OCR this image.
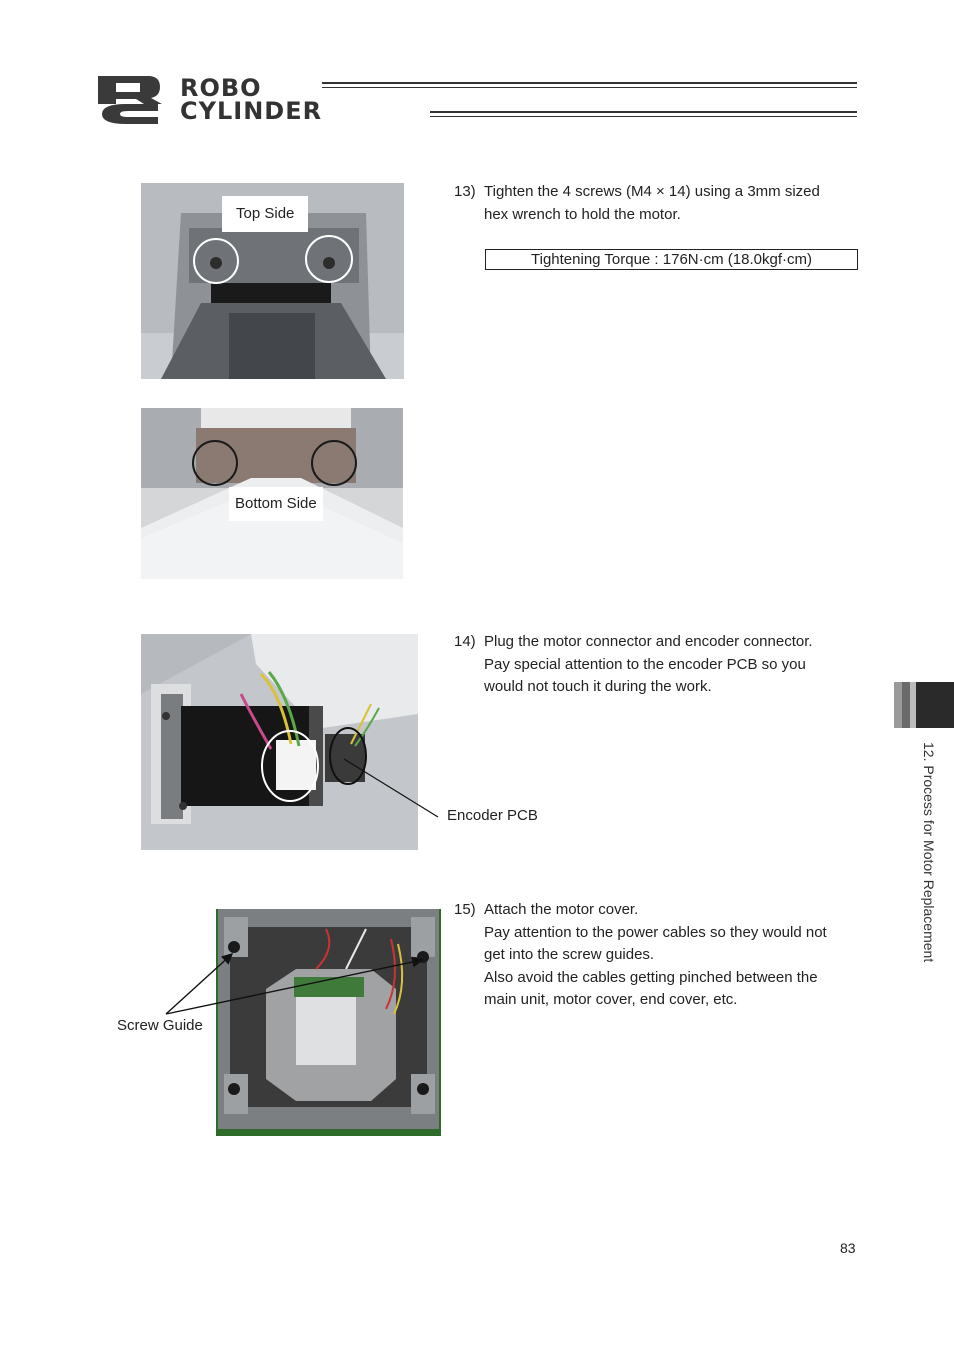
ROBO
CYLINDER
Top Side
Bottom Side
13) Tighten the 4 screws (M4 × 14) using a 3mm sized
hex wrench to hold the motor.
Tightening Torque : 176N·cm (18.0kgf·cm)
Encoder PCB
14) Plug the motor connector and encoder connector.
Pay special attention to the encoder PCB so you
would not touch it during the work.
Screw Guide
15) Attach the motor cover.
Pay attention to the power cables so they would not
get into the screw guides.
Also avoid the cables getting pinched between the
main unit, motor cover, end cover, etc.
12. Process for Motor Replacement
83
